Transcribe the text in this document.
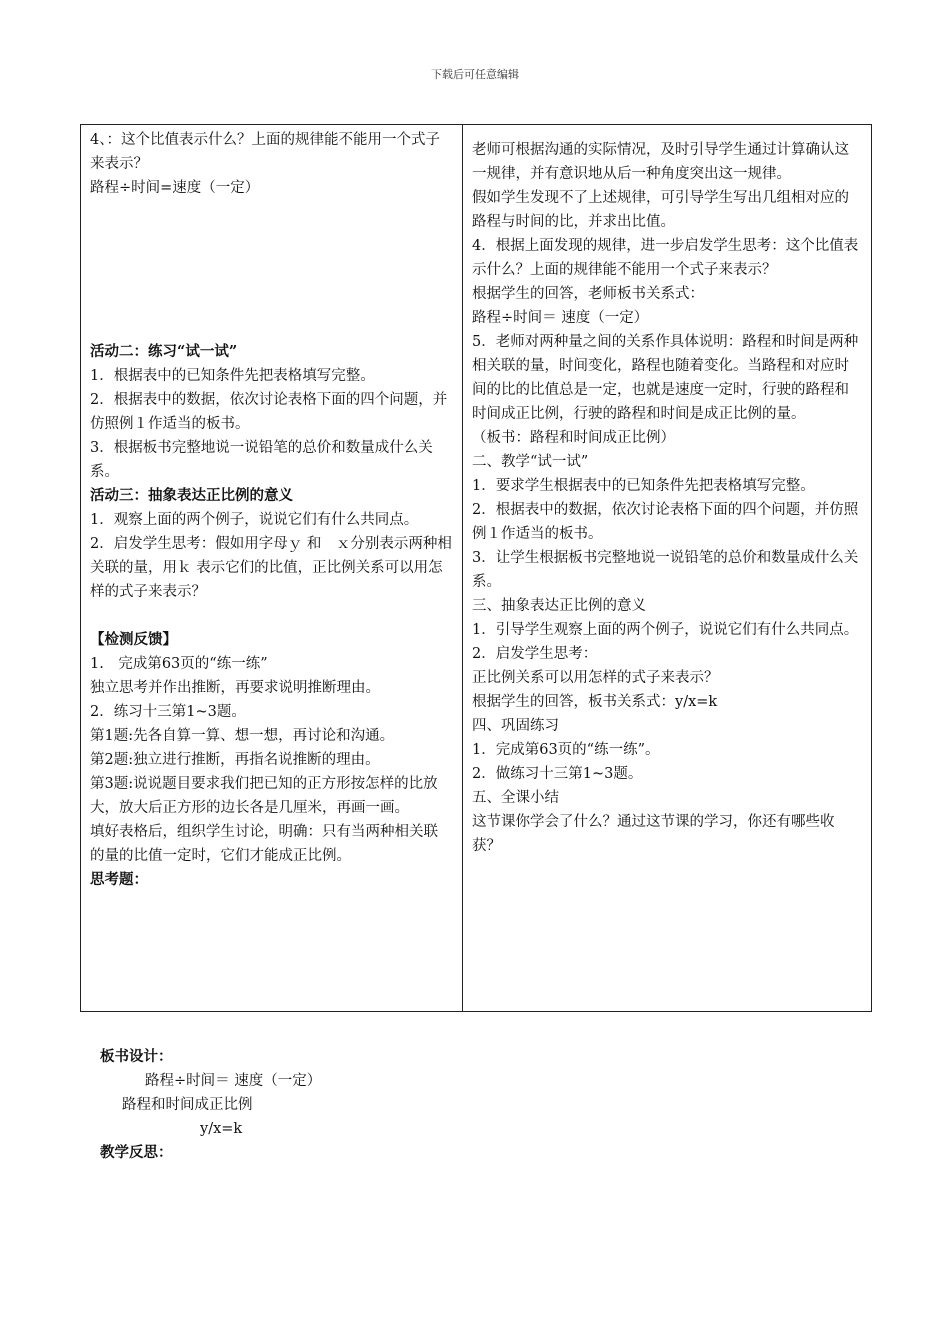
下载后可任意编辑

4、：这个比值表示什么？上面的规律能不能用一个式子来表示？

路程÷时间=速度（一定）

活动二：练习“试一试”

1．根据表中的已知条件先把表格填写完整。

2．根据表中的数据，依次讨论表格下面的四个问题，并仿照例１作适当的板书。

3．根据板书完整地说一说铅笔的总价和数量成什么关系。

活动三：抽象表达正比例的意义

1．观察上面的两个例子，说说它们有什么共同点。

2．启发学生思考：假如用字母ｙ 和　ｘ分别表示两种相关联的量，用ｋ 表示它们的比值，正比例关系可以用怎样的式子来表示？

【检测反馈】

1.　完成第63页的“练一练”

独立思考并作出推断，再要求说明推断理由。

2．练习十三第1~3题。

第1题:先各自算一算、想一想，再讨论和沟通。

第2题:独立进行推断，再指名说推断的理由。

第3题:说说题目要求我们把已知的正方形按怎样的比放大，放大后正方形的边长各是几厘米，再画一画。

填好表格后，组织学生讨论，明确：只有当两种相关联的量的比值一定时，它们才能成正比例。

思考题：

老师可根据沟通的实际情况，及时引导学生通过计算确认这一规律，并有意识地从后一种角度突出这一规律。

假如学生发现不了上述规律，可引导学生写出几组相对应的路程与时间的比，并求出比值。

4．根据上面发现的规律，进一步启发学生思考：这个比值表示什么？上面的规律能不能用一个式子来表示？

根据学生的回答，老师板书关系式：

路程÷时间＝ 速度（一定）

5．老师对两种量之间的关系作具体说明：路程和时间是两种相关联的量，时间变化，路程也随着变化。当路程和对应时间的比的比值总是一定，也就是速度一定时，行驶的路程和时间成正比例，行驶的路程和时间是成正比例的量。

（板书：路程和时间成正比例）

二、教学“试一试”

1．要求学生根据表中的已知条件先把表格填写完整。

2．根据表中的数据，依次讨论表格下面的四个问题，并仿照例１作适当的板书。

3．让学生根据板书完整地说一说铅笔的总价和数量成什么关系。

三、抽象表达正比例的意义

1．引导学生观察上面的两个例子，说说它们有什么共同点。

2．启发学生思考：

正比例关系可以用怎样的式子来表示？

根据学生的回答，板书关系式：y/x=k

四、巩固练习

1．完成第63页的“练一练”。

2．做练习十三第1~3题。

五、全课小结

这节课你学会了什么？通过这节课的学习，你还有哪些收获？

板书设计：
路程÷时间＝ 速度（一定）
路程和时间成正比例
y/x=k
教学反思：
